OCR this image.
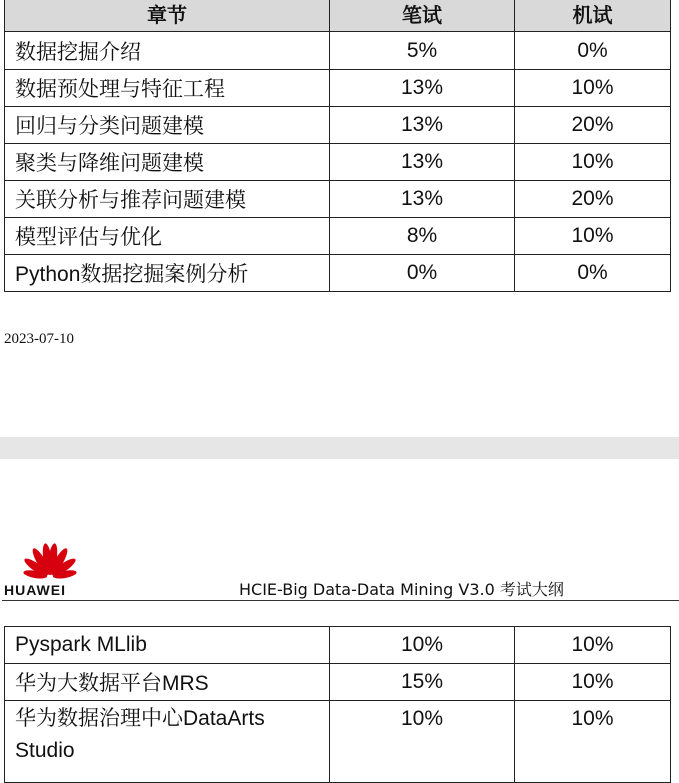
章节	笔试	机试
数据挖掘介绍	5%	0%
数据预处理与特征工程	13%	10%
回归与分类问题建模	13%	20%
聚类与降维问题建模	13%	10%
关联分析与推荐问题建模	13%	20%
模型评估与优化	8%	10%
Python数据挖掘案例分析	0%	0%
2023-07-10
HUAWEI	HCIE-Big Data-Data Mining V3.0 考试大纲
Pyspark MLlib	10%	10%
华为大数据平台MRS	15%	10%
华为数据治理中心DataArts Studio	10%	10%
